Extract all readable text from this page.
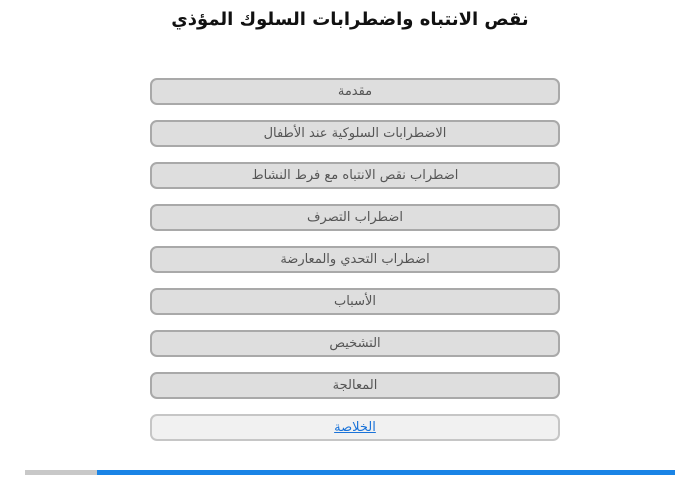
نقص الانتباه واضطرابات السلوك المؤذي
مقدمة
الاضطرابات السلوكية عند الأطفال
اضطراب نقص الانتباه مع فرط النشاط
اضطراب التصرف
اضطراب التحدي والمعارضة
الأسباب
التشخيص
المعالجة
الخلاصة
